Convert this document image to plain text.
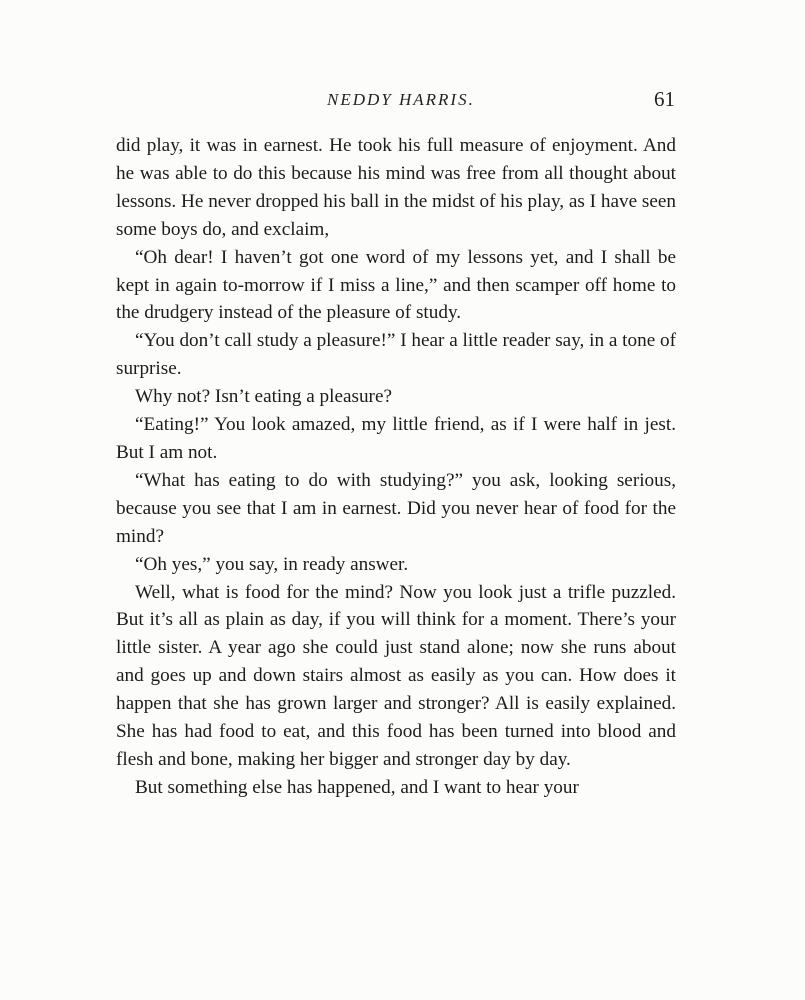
NEDDY HARRIS.	61

did play, it was in earnest. He took his full measure of enjoyment. And he was able to do this because his mind was free from all thought about lessons. He never dropped his ball in the midst of his play, as I have seen some boys do, and exclaim,

“Oh dear! I haven’t got one word of my lessons yet, and I shall be kept in again to-morrow if I miss a line,” and then scamper off home to the drudgery instead of the pleasure of study.

“You don’t call study a pleasure!” I hear a little reader say, in a tone of surprise.

Why not? Isn’t eating a pleasure?

“Eating!” You look amazed, my little friend, as if I were half in jest. But I am not.

“What has eating to do with studying?” you ask, looking serious, because you see that I am in earnest. Did you never hear of food for the mind?

“Oh yes,” you say, in ready answer.

Well, what is food for the mind? Now you look just a trifle puzzled. But it’s all as plain as day, if you will think for a moment. There’s your little sister. A year ago she could just stand alone; now she runs about and goes up and down stairs almost as easily as you can. How does it happen that she has grown larger and stronger? All is easily explained. She has had food to eat, and this food has been turned into blood and flesh and bone, making her bigger and stronger day by day.

But something else has happened, and I want to hear your
